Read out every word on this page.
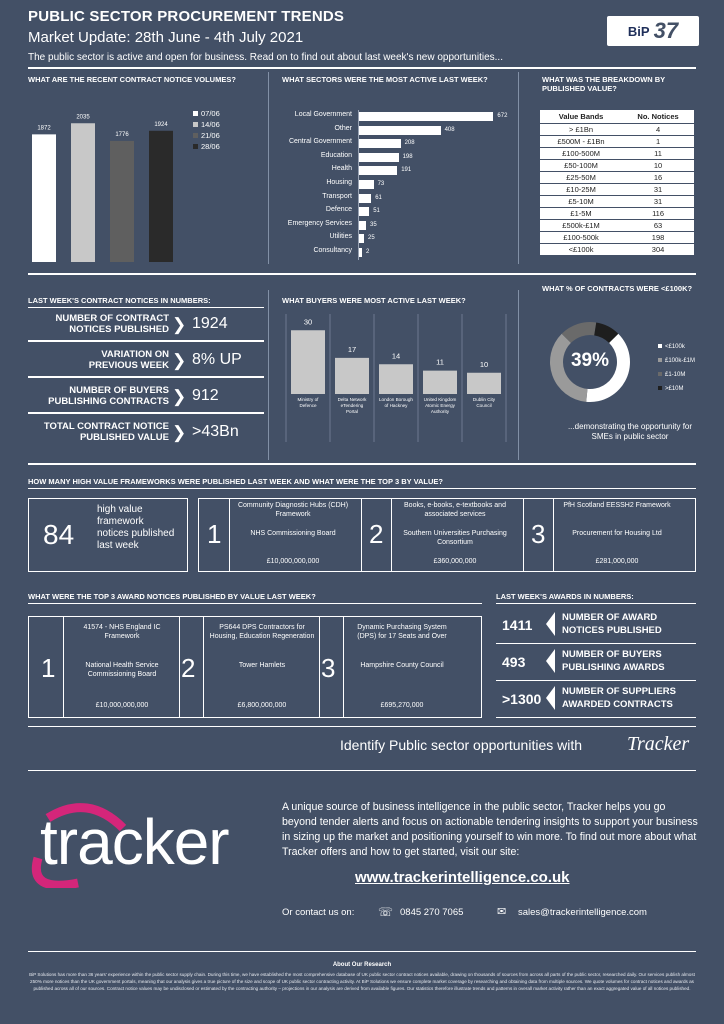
PUBLIC SECTOR PROCUREMENT TRENDS
Market Update: 28th June - 4th July 2021
The public sector is active and open for business. Read on to find out about last week's new opportunities...
BiP 37
WHAT ARE THE RECENT CONTRACT NOTICE VOLUMES?
1872
2035
1776
1924
07/06
14/06
21/06
28/06
WHAT SECTORS WERE THE MOST ACTIVE LAST WEEK?
Local Government	672
Other	408
Central Government	208
Education	198
Health	191
Housing	73
Transport	61
Defence	51
Emergency Services	35
Utilities	25
Consultancy 2
WHAT WAS THE BREAKDOWN BY PUBLISHED VALUE?
Value Bands	No. Notices
> £1Bn	4
£500M - £1Bn	1
£100-500M	11
£50-100M	10
£25-50M	16
£10-25M	31
£5-10M	31
£1-5M	116
£500k-£1M	63
£100-500k	198
<£100k	304
LAST WEEK'S CONTRACT NOTICES IN NUMBERS:
NUMBER OF CONTRACT
NOTICES PUBLISHED ❯ 1924
VARIATION ON
PREVIOUS WEEK ❯ 8% UP
NUMBER OF BUYERS
PUBLISHING CONTRACTS ❯ 912
TOTAL CONTRACT NOTICE
PUBLISHED VALUE ❯ >43Bn
WHAT BUYERS WERE MOST ACTIVE LAST WEEK?
30
Ministry of
Defence
17
Delta Network
eTendering
Portal
14
London Borough
of Hackney
11
United Kingdom
Atomic Energy
Authority
10
Dublin City
Council
WHAT % OF CONTRACTS WERE <£100K?
39%
<£100k
£100k-£1M
£1-10M
>£10M
...demonstrating the opportunity for
SMEs in public sector
HOW MANY HIGH VALUE FRAMEWORKS WERE PUBLISHED LAST WEEK AND WHAT WERE THE TOP 3 BY VALUE?
84
high value framework notices published last week	1
Community Diagnostic Hubs (CDH) Framework
NHS Commissioning Board
£10,000,000,000
2
Books, e-books, e-textbooks and associated services
Southern Universities Purchasing Consortium
£360,000,000
3
PfH Scotland EESSH2 Framework
Procurement for Housing Ltd
£281,000,000
WHAT WERE THE TOP 3 AWARD NOTICES PUBLISHED BY VALUE LAST WEEK?
1
41574 - NHS England IC Framework
National Health Service Commissioning Board
£10,000,000,000
2
PS644 DPS Contractors for Housing, Education Regeneration
Tower Hamlets
£6,800,000,000
3
Dynamic Purchasing System (DPS) for 17 Seats and Over
Hampshire County Council
£695,270,000
LAST WEEK'S AWARDS IN NUMBERS:
1411	NUMBER OF AWARD
NOTICES PUBLISHED
493	NUMBER OF BUYERS
PUBLISHING AWARDS
>1300 NUMBER OF SUPPLIERS
AWARDED CONTRACTS
Identify Public sector opportunities with Tracker
tracker	A unique source of business intelligence in the public sector, Tracker helps you go beyond tender alerts and focus on actionable tendering insights to support your business in sizing up the market and positioning yourself to win more. To find out more about what Tracker offers and how to get started, visit our site:
www.trackerintelligence.co.uk
Or contact us on: ☏ 0845 270 7065	✉ sales@trackerintelligence.com
About Our Research
BiP Solutions has more than 36 years' experience within the public sector supply chain. During this time, we have established the most comprehensive database of UK public sector contract notices available, drawing on thousands of sources from across all parts of the public sector, researched daily. Our services publish almost 250% more notices than the UK government portals, meaning that our analysis gives a true picture of the size and scope of UK public sector contracting activity. At BiP Solutions we ensure complete market coverage by researching and obtaining data from multiple sources. We quote volumes for contract notices and awards as published across all of our sources. Contract notice values may be undisclosed or estimated by the contracting authority – projections in our analysis are derived from available figures. Our statistics therefore illustrate trends and patterns in overall market activity rather than an exact aggregated value of all notices published.
